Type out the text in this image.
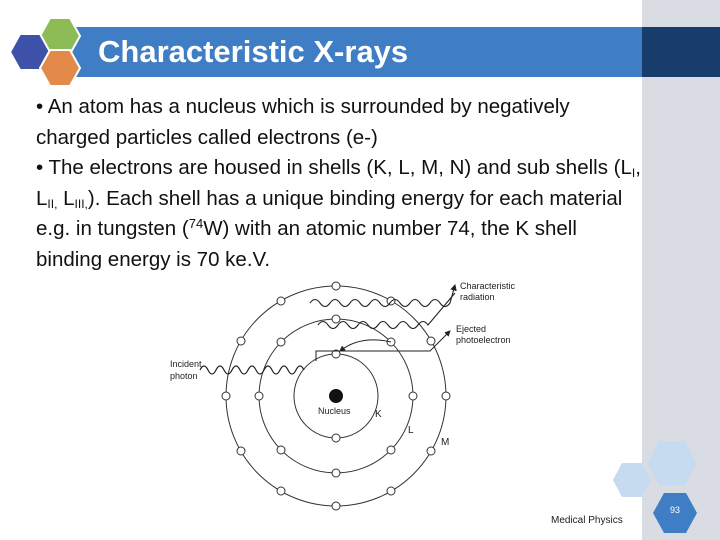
Characteristic X-rays

• An atom has a nucleus which is surrounded by negatively charged particles called electrons (e-)

• The electrons are housed in shells (K, L, M, N) and sub shells ($L_I$, $L_{II,}$ $L_{III,}$). Each shell has a unique binding energy for each material e.g. in tungsten ($^{74}$W) with an atomic number 74, the K shell binding energy is 70 ke.V.

Characteristic
radiation
Ejected
photoelectron
Incident
photon
Nucleus K
L
M
Medical Physics
93
